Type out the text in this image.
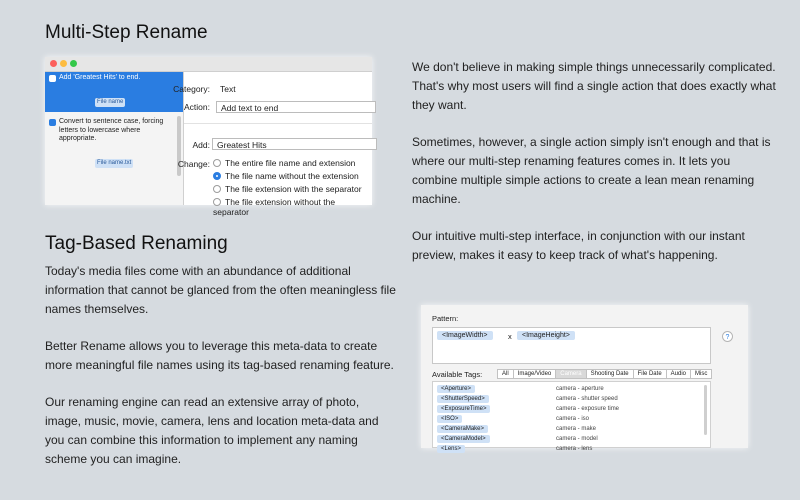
Multi-Step Rename
Add 'Greatest Hits' to end.
File name
Convert to sentence case, forcing letters to lowercase where appropriate.
File name.txt
Category:	Text
Action:	Add text to end
Add: Greatest Hits
Change:	The entire file name and extension
The file name without the extension
The file extension with the separator
The file extension without the separator

We don't believe in making simple things unnecessarily complicated. That's why most users will find a single action that does exactly what they want.

Sometimes, however, a single action simply isn't enough and that is where our multi-step renaming features comes in. It lets you combine multiple simple actions to create a lean mean renaming machine.

Our intuitive multi-step interface, in conjunction with our instant preview, makes it easy to keep track of what's happening.

Tag-Based Renaming

Today's media files come with an abundance of additional information that cannot be glanced from the often meaningless file names themselves.

Better Rename allows you to leverage this meta-data to create more meaningful file names using its tag-based renaming feature.

Our renaming engine can read an extensive array of photo, image, music, movie, camera, lens and location meta-data and you can combine this information to implement any naming scheme you can imagine.

Pattern:
<ImageWidth>	x	<ImageHeight>	?
Available Tags:	All	Image/Video	Camera	Shooting Date	File Date	Audio	Misc
<Aperture>	camera - aperture
<ShutterSpeed>	camera - shutter speed
<ExposureTime>	camera - exposure time
<ISO>	camera - iso
<CameraMake>	camera - make
<CameraModel>	camera - model
<Lens>	camera - lens
